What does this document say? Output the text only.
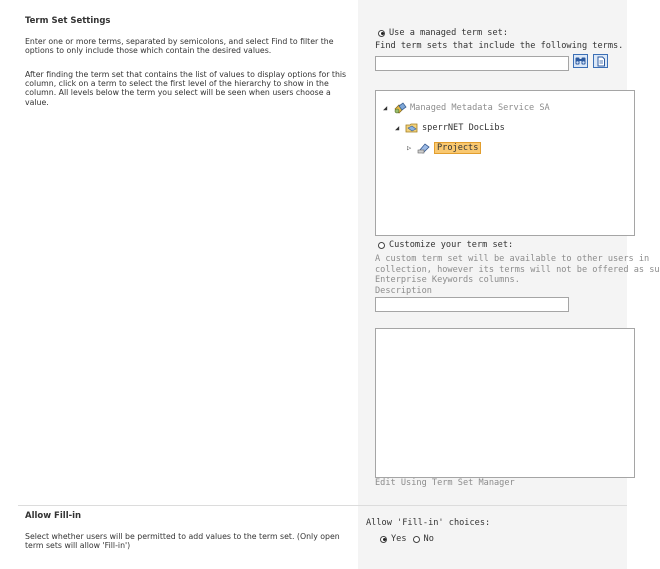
Term Set Settings
Enter one or more terms, separated by semicolons, and select Find to filter the options to only include those which contain the desired values.
After finding the term set that contains the list of values to display options for this column, click on a term to select the first level of the hierarchy to show in the column. All levels below the term you select will be seen when users choose a value.
Use a managed term set:
Find term sets that include the following terms.
◢	Managed Metadata Service SA
◢	sperrNET DocLibs
▷	Projects
Customize your term set:
A custom term set will be available to other users in
collection, however its terms will not be offered as su
Enterprise Keywords columns.
Description
Edit Using Term Set Manager
Allow Fill-in
Select whether users will be permitted to add values to the term set. (Only open term sets will allow 'Fill-in')
Allow 'Fill-in' choices:
Yes No
